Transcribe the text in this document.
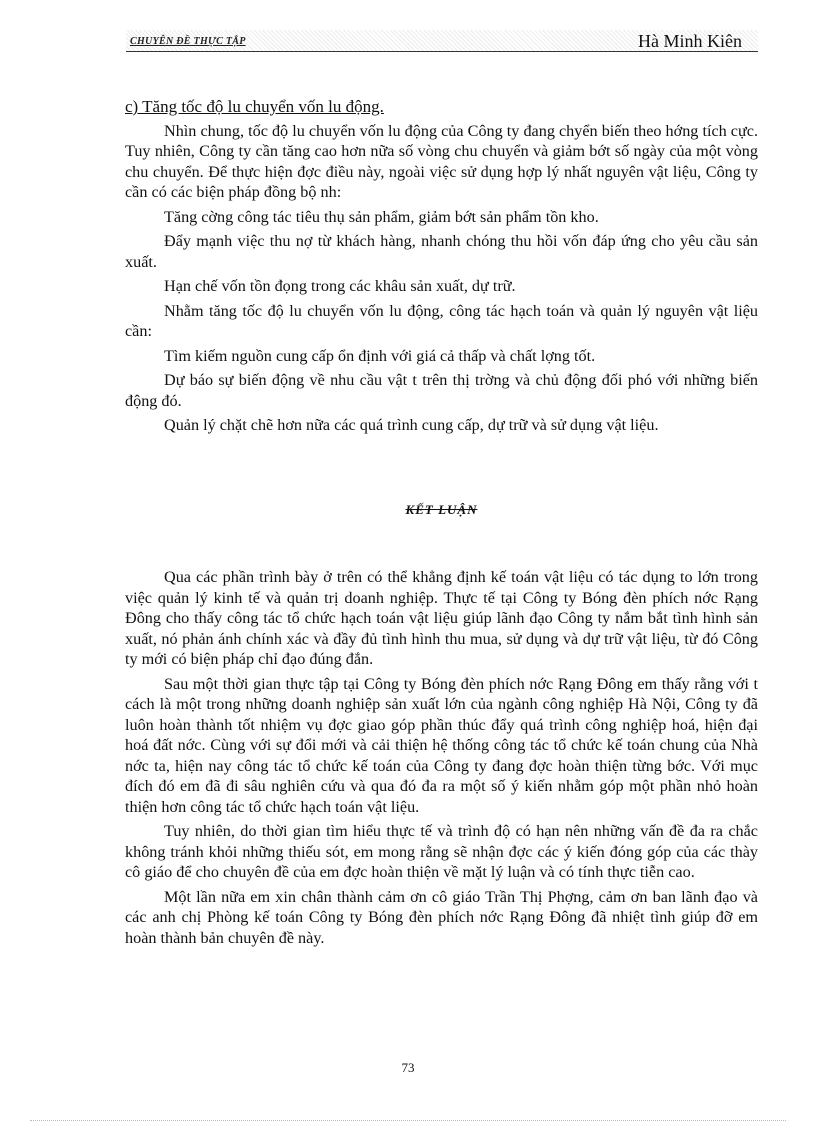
CHUYÊN ĐỀ THỰC TẬP	Hà Minh Kiên
c) Tăng tốc độ lu chuyển vốn lu động.

Nhìn chung, tốc độ lu chuyển vốn lu động của Công ty đang chyển biến theo hớng tích cực. Tuy nhiên, Công ty cần tăng cao hơn nữa số vòng chu chuyển và giảm bớt số ngày của một vòng chu chuyển. Để thực hiện đợc điều này, ngoài việc sử dụng hợp lý nhất nguyên vật liệu, Công ty cần có các biện pháp đồng bộ nh:

Tăng cờng công tác tiêu thụ sản phẩm, giảm bớt sản phẩm tồn kho.

Đẩy mạnh việc thu nợ từ khách hàng, nhanh chóng thu hồi vốn đáp ứng cho yêu cầu sản xuất.

Hạn chế vốn tồn đọng trong các khâu sản xuất, dự trữ.

Nhằm tăng tốc độ lu chuyển vốn lu động, công tác hạch toán và quản lý nguyên vật liệu cần:

Tìm kiếm nguồn cung cấp ổn định với giá cả thấp và chất lợng tốt.

Dự báo sự biến động về nhu cầu vật t trên thị trờng và chủ động đối phó với những biến động đó.

Quản lý chặt chẽ hơn nữa các quá trình cung cấp, dự trữ và sử dụng vật liệu.

KẾT LUẬN

Qua các phần trình bày ở trên có thể khẳng định kế toán vật liệu có tác dụng to lớn trong việc quản lý kinh tế và quản trị doanh nghiệp. Thực tế tại Công ty Bóng đèn phích nớc Rạng Đông cho thấy công tác tổ chức hạch toán vật liệu giúp lãnh đạo Công ty nắm bắt tình hình sản xuất, nó phản ánh chính xác và đầy đủ tình hình thu mua, sử dụng và dự trữ vật liệu, từ đó Công ty mới có biện pháp chỉ đạo đúng đắn.

Sau một thời gian thực tập tại Công ty Bóng đèn phích nớc Rạng Đông em thấy rằng với t cách là một trong những doanh nghiệp sản xuất lớn của ngành công nghiệp Hà Nội, Công ty đã luôn hoàn thành tốt nhiệm vụ đợc giao góp phần thúc đẩy quá trình công nghiệp hoá, hiện đại hoá đất nớc. Cùng với sự đổi mới và cải thiện hệ thống công tác tổ chức kế toán chung của Nhà nớc ta, hiện nay công tác tổ chức kế toán của Công ty đang đợc hoàn thiện từng bớc. Với mục đích đó em đã đi sâu nghiên cứu và qua đó đa ra một số ý kiến nhằm góp một phần nhỏ hoàn thiện hơn công tác tổ chức hạch toán vật liệu.

Tuy nhiên, do thời gian tìm hiểu thực tế và trình độ có hạn nên những vấn đề đa ra chắc không tránh khỏi những thiếu sót, em mong rằng sẽ nhận đợc các ý kiến đóng góp của các thày cô giáo để cho chuyên đề của em đợc hoàn thiện về mặt lý luận và có tính thực tiễn cao.

Một lần nữa em xin chân thành cảm ơn cô giáo Trần Thị Phợng, cảm ơn ban lãnh đạo và các anh chị Phòng kế toán Công ty Bóng đèn phích nớc Rạng Đông đã nhiệt tình giúp đỡ em hoàn thành bản chuyên đề này.

73
